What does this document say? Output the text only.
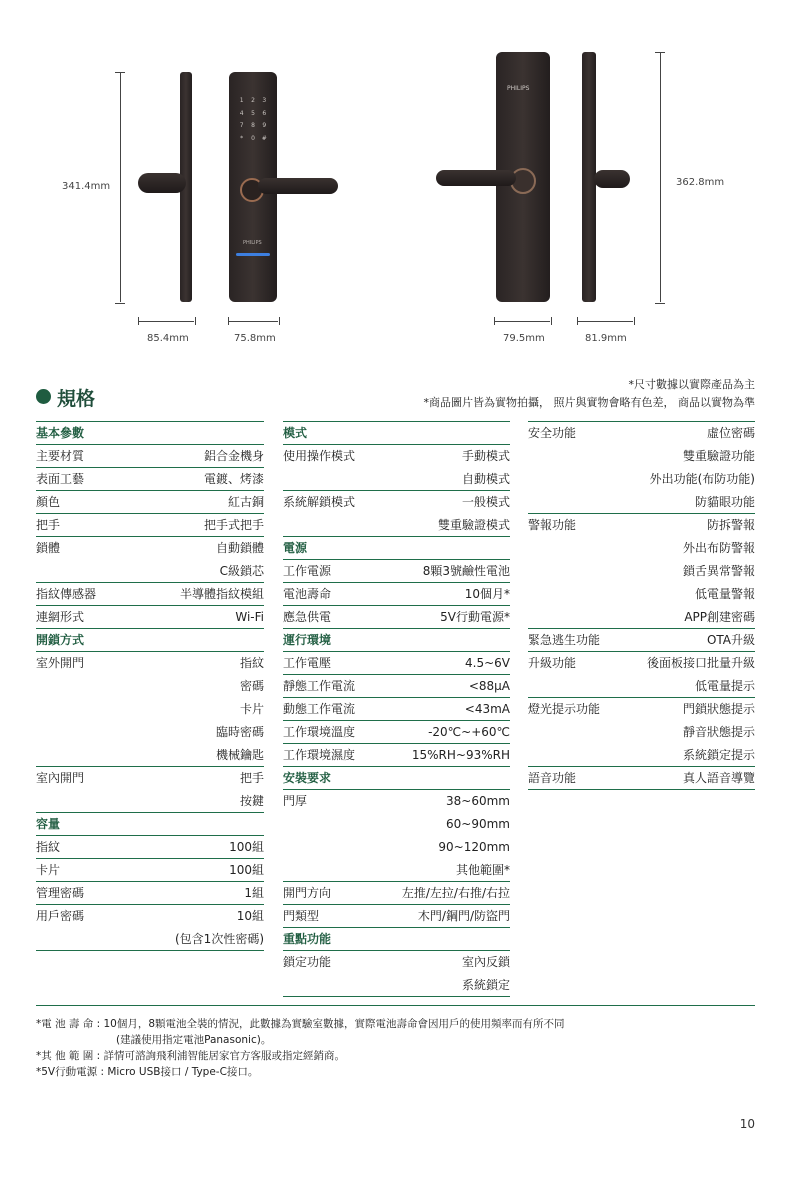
341.4mm
1	2	3
4	5	6
7	8	9
*	0	#
PHILIPS
PHILIPS
362.8mm
85.4mm	75.8mm	79.5mm	81.9mm
規格
*尺寸數據以實際產品為主
*商品圖片皆為實物拍攝， 照片與實物會略有色差， 商品以實物為準
基本參數
主要材質	鋁合金機身
表面工藝	電鍍、烤漆
顏色	紅古銅
把手	把手式把手
鎖體	自動鎖體
C級鎖芯
指紋傳感器	半導體指紋模組
連網形式	Wi-Fi
開鎖方式
室外開門	指紋
密碼
卡片
臨時密碼
機械鑰匙
室內開門	把手
按鍵
容量
指紋	100組
卡片	100組
管理密碼	1組
用戶密碼	10組
(包含1次性密碼)
模式
使用操作模式	手動模式
自動模式
系統解鎖模式	一般模式
雙重驗證模式
電源
工作電源	8顆3號鹼性電池
電池壽命	10個月*
應急供電	5V行動電源*
運行環境
工作電壓	4.5~6V
靜態工作電流	<88μA
動態工作電流	<43mA
工作環境溫度	-20℃~+60℃
工作環境濕度	15%RH~93%RH
安裝要求
門厚	38~60mm
60~90mm
90~120mm
其他範圍*
開門方向	左推/左拉/右推/右拉
門類型	木門/鋼門/防盜門
重點功能
鎖定功能	室內反鎖
系統鎖定
安全功能	虛位密碼
雙重驗證功能
外出功能(布防功能)
防貓眼功能
警報功能	防拆警報
外出布防警報
鎖舌異常警報
低電量警報
APP創建密碼
緊急逃生功能	OTA升級
升級功能	後面板接口批量升級
低電量提示
燈光提示功能	門鎖狀態提示
靜音狀態提示
系統鎖定提示
語音功能	真人語音導覽
*電 池 壽 命 : 10個月，8顆電池全裝的情況，此數據為實驗室數據，實際電池壽命會因用戶的使用頻率而有所不同
(建議使用指定電池Panasonic)。
*其 他 範 圍 : 詳情可諮詢飛利浦智能居家官方客服或指定經銷商。
*5V行動電源 : Micro USB接口 / Type-C接口。
10
